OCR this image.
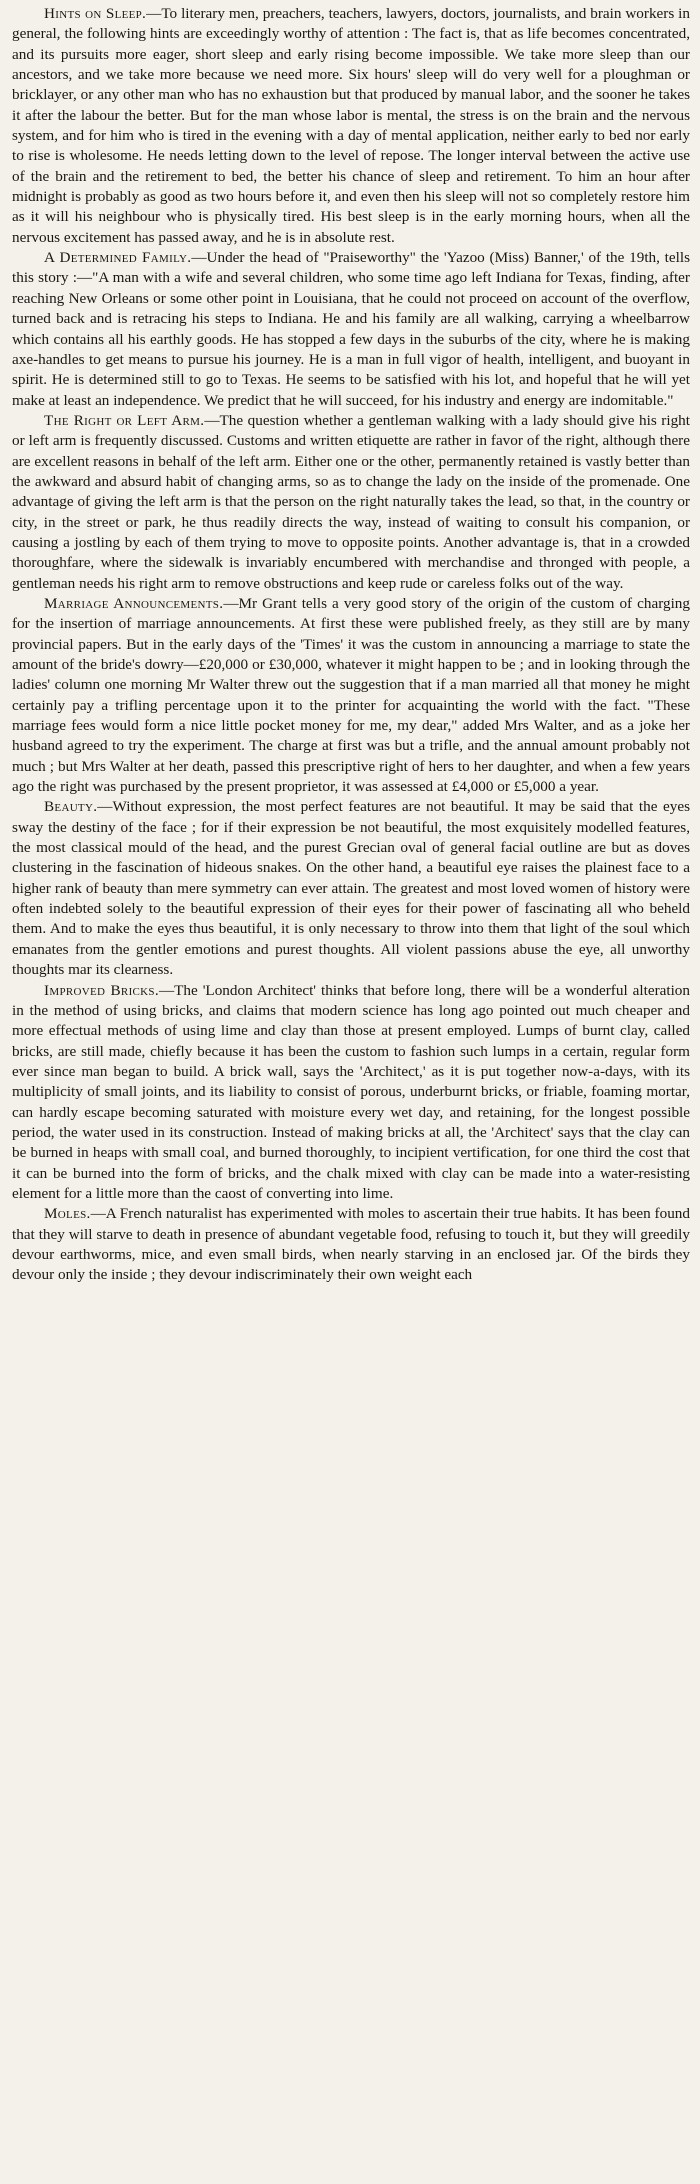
Hints on Sleep.—To literary men, preachers, teachers, lawyers, doctors, journalists, and brain workers in general, the following hints are exceedingly worthy of attention : The fact is, that as life becomes concentrated, and its pursuits more eager, short sleep and early rising become impossible. We take more sleep than our ancestors, and we take more because we need more. Six hours' sleep will do very well for a ploughman or bricklayer, or any other man who has no exhaustion but that produced by manual labor, and the sooner he takes it after the labour the better. But for the man whose labor is mental, the stress is on the brain and the nervous system, and for him who is tired in the evening with a day of mental application, neither early to bed nor early to rise is wholesome. He needs letting down to the level of repose. The longer interval between the active use of the brain and the retirement to bed, the better his chance of sleep and retirement. To him an hour after midnight is probably as good as two hours before it, and even then his sleep will not so completely restore him as it will his neighbour who is physically tired. His best sleep is in the early morning hours, when all the nervous excitement has passed away, and he is in absolute rest.

A Determined Family.—Under the head of "Praiseworthy" the 'Yazoo (Miss) Banner,' of the 19th, tells this story :—"A man with a wife and several children, who some time ago left Indiana for Texas, finding, after reaching New Orleans or some other point in Louisiana, that he could not proceed on account of the overflow, turned back and is retracing his steps to Indiana. He and his family are all walking, carrying a wheelbarrow which contains all his earthly goods. He has stopped a few days in the suburbs of the city, where he is making axe-handles to get means to pursue his journey. He is a man in full vigor of health, intelligent, and buoyant in spirit. He is determined still to go to Texas. He seems to be satisfied with his lot, and hopeful that he will yet make at least an independence. We predict that he will succeed, for his industry and energy are indomitable."

The Right or Left Arm.—The question whether a gentleman walking with a lady should give his right or left arm is frequently discussed. Customs and written etiquette are rather in favor of the right, although there are excellent reasons in behalf of the left arm. Either one or the other, permanently retained is vastly better than the awkward and absurd habit of changing arms, so as to change the lady on the inside of the promenade. One advantage of giving the left arm is that the person on the right naturally takes the lead, so that, in the country or city, in the street or park, he thus readily directs the way, instead of waiting to consult his companion, or causing a jostling by each of them trying to move to opposite points. Another advantage is, that in a crowded thoroughfare, where the sidewalk is invariably encumbered with merchandise and thronged with people, a gentleman needs his right arm to remove obstructions and keep rude or careless folks out of the way.

Marriage Announcements.—Mr Grant tells a very good story of the origin of the custom of charging for the insertion of marriage announcements. At first these were published freely, as they still are by many provincial papers. But in the early days of the 'Times' it was the custom in announcing a marriage to state the amount of the bride's dowry—£20,000 or £30,000, whatever it might happen to be ; and in looking through the ladies' column one morning Mr Walter threw out the suggestion that if a man married all that money he might certainly pay a trifling percentage upon it to the printer for acquainting the world with the fact. "These marriage fees would form a nice little pocket money for me, my dear," added Mrs Walter, and as a joke her husband agreed to try the experiment. The charge at first was but a trifle, and the annual amount probably not much ; but Mrs Walter at her death, passed this prescriptive right of hers to her daughter, and when a few years ago the right was purchased by the present proprietor, it was assessed at £4,000 or £5,000 a year.

Beauty.—Without expression, the most perfect features are not beautiful. It may be said that the eyes sway the destiny of the face ; for if their expression be not beautiful, the most exquisitely modelled features, the most classical mould of the head, and the purest Grecian oval of general facial outline are but as doves clustering in the fascination of hideous snakes. On the other hand, a beautiful eye raises the plainest face to a higher rank of beauty than mere symmetry can ever attain. The greatest and most loved women of history were often indebted solely to the beautiful expression of their eyes for their power of fascinating all who beheld them. And to make the eyes thus beautiful, it is only necessary to throw into them that light of the soul which emanates from the gentler emotions and purest thoughts. All violent passions abuse the eye, all unworthy thoughts mar its clearness.

Improved Bricks.—The 'London Architect' thinks that before long, there will be a wonderful alteration in the method of using bricks, and claims that modern science has long ago pointed out much cheaper and more effectual methods of using lime and clay than those at present employed. Lumps of burnt clay, called bricks, are still made, chiefly because it has been the custom to fashion such lumps in a certain, regular form ever since man began to build. A brick wall, says the 'Architect,' as it is put together now-a-days, with its multiplicity of small joints, and its liability to consist of porous, underburnt bricks, or friable, foaming mortar, can hardly escape becoming saturated with moisture every wet day, and retaining, for the longest possible period, the water used in its construction. Instead of making bricks at all, the 'Architect' says that the clay can be burned in heaps with small coal, and burned thoroughly, to incipient vertification, for one third the cost that it can be burned into the form of bricks, and the chalk mixed with clay can be made into a water-resisting element for a little more than the caost of converting into lime.

Moles.—A French naturalist has experimented with moles to ascertain their true habits. It has been found that they will starve to death in presence of abundant vegetable food, refusing to touch it, but they will greedily devour earthworms, mice, and even small birds, when nearly starving in an enclosed jar. Of the birds they devour only the inside ; they devour indiscriminately their own weight each
